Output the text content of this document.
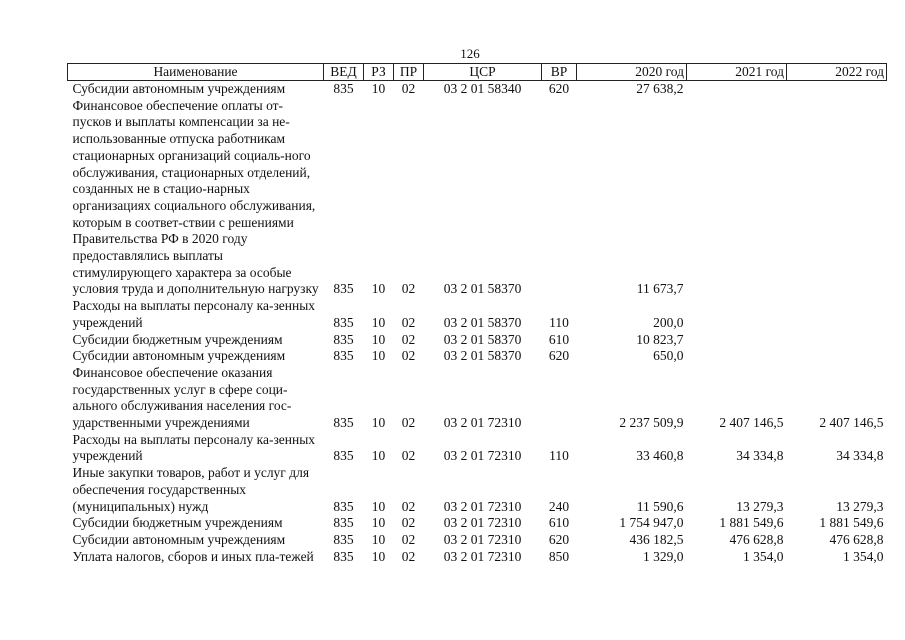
126
Наименование	ВЕД	РЗ	ПР	ЦСР	ВР	2020 год	2021 год	2022 год
Субсидии автономным учреждениям	835	10	02	03 2 01 58340	620	27 638,2		
Финансовое обеспечение оплаты от-пусков и выплаты компенсации за не-использованные отпуска работникам стационарных организаций социаль-ного обслуживания, стационарных отделений, созданных не в стацио-нарных организациях социального обслуживания, которым в соответ-ствии с решениями Правительства РФ в 2020 году предоставлялись выплаты стимулирующего характера за особые условия труда и дополнительную нагрузку	835	10	02	03 2 01 58370		11 673,7		
Расходы на выплаты персоналу ка-зенных учреждений	835	10	02	03 2 01 58370	110	200,0		
Субсидии бюджетным учреждениям	835	10	02	03 2 01 58370	610	10 823,7		
Субсидии автономным учреждениям	835	10	02	03 2 01 58370	620	650,0		
Финансовое обеспечение оказания государственных услуг в сфере соци-ального обслуживания населения гос-ударственными учреждениями	835	10	02	03 2 01 72310		2 237 509,9	2 407 146,5	2 407 146,5
Расходы на выплаты персоналу ка-зенных учреждений	835	10	02	03 2 01 72310	110	33 460,8	34 334,8	34 334,8
Иные закупки товаров, работ и услуг для обеспечения государственных (муниципальных) нужд	835	10	02	03 2 01 72310	240	11 590,6	13 279,3	13 279,3
Субсидии бюджетным учреждениям	835	10	02	03 2 01 72310	610	1 754 947,0	1 881 549,6	1 881 549,6
Субсидии автономным учреждениям	835	10	02	03 2 01 72310	620	436 182,5	476 628,8	476 628,8
Уплата налогов, сборов и иных пла-тежей	835	10	02	03 2 01 72310	850	1 329,0	1 354,0	1 354,0
